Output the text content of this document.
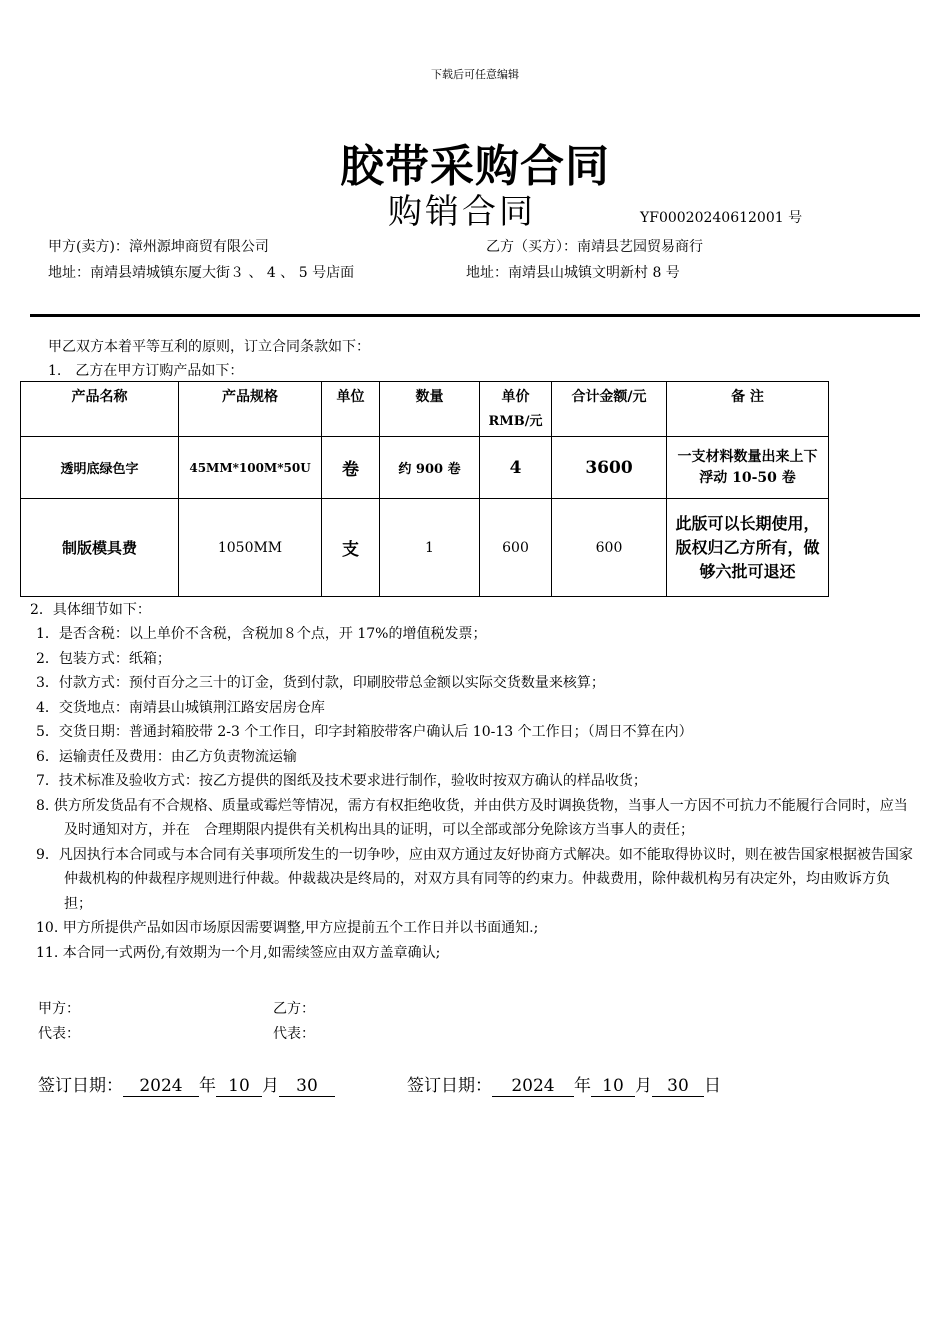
下载后可任意编辑
胶带采购合同
购销合同	YF00020240612001 号
甲方(卖方)：漳州源坤商贸有限公司	乙方（买方）：南靖县艺园贸易商行
地址：南靖县靖城镇东厦大街３ 、 4 、 5 号店面	地址：南靖县山城镇文明新村 8 号
甲乙双方本着平等互利的原则，订立合同条款如下：
1.　乙方在甲方订购产品如下：
产品名称	产品规格	单位	数量	单价
RMB/元	合计金额/元	备 注
透明底绿色字	45MM*100M*50U	卷	约 900 卷	4	3600	一支材料数量出来上下浮动 10-50 卷
制版模具费	1050MM	支	1	600	600	此版可以长期使用，版权归乙方所有，做够六批可退还
2．具体细节如下：
1．是否含税：以上单价不含税，含税加８个点，开 17%的增值税发票；
2．包装方式：纸箱；
3．付款方式：预付百分之三十的订金，货到付款，印刷胶带总金额以实际交货数量来核算；
4．交货地点：南靖县山城镇荆江路安居房仓库
5．交货日期：普通封箱胶带 2-3 个工作日，印字封箱胶带客户确认后 10-13 个工作日；（周日不算在内）
6．运输责任及费用：由乙方负责物流运输
7．技术标准及验收方式：按乙方提供的图纸及技术要求进行制作，验收时按双方确认的样品收货；
8. 供方所发货品有不合规格、质量或霉烂等情况，需方有权拒绝收货，并由供方及时调换货物，当事人一方因不可抗力不能履行合同时，应当及时通知对方，并在　合理期限内提供有关机构出具的证明，可以全部或部分免除该方当事人的责任；
9．凡因执行本合同或与本合同有关事项所发生的一切争吵，应由双方通过友好协商方式解决。如不能取得协议时，则在被告国家根据被告国家仲裁机构的仲裁程序规则进行仲裁。仲裁裁决是终局的，对双方具有同等的约束力。仲裁费用，除仲裁机构另有决定外，均由败诉方负担；
10. 甲方所提供产品如因市场原因需要调整,甲方应提前五个工作日并以书面通知.;
11. 本合同一式两份,有效期为一个月,如需续签应由双方盖章确认;
甲方：	乙方：
代表：	代表：
签订日期： 2024 年 10 月 30	签订日期： 2024 年 10 月 30 日
